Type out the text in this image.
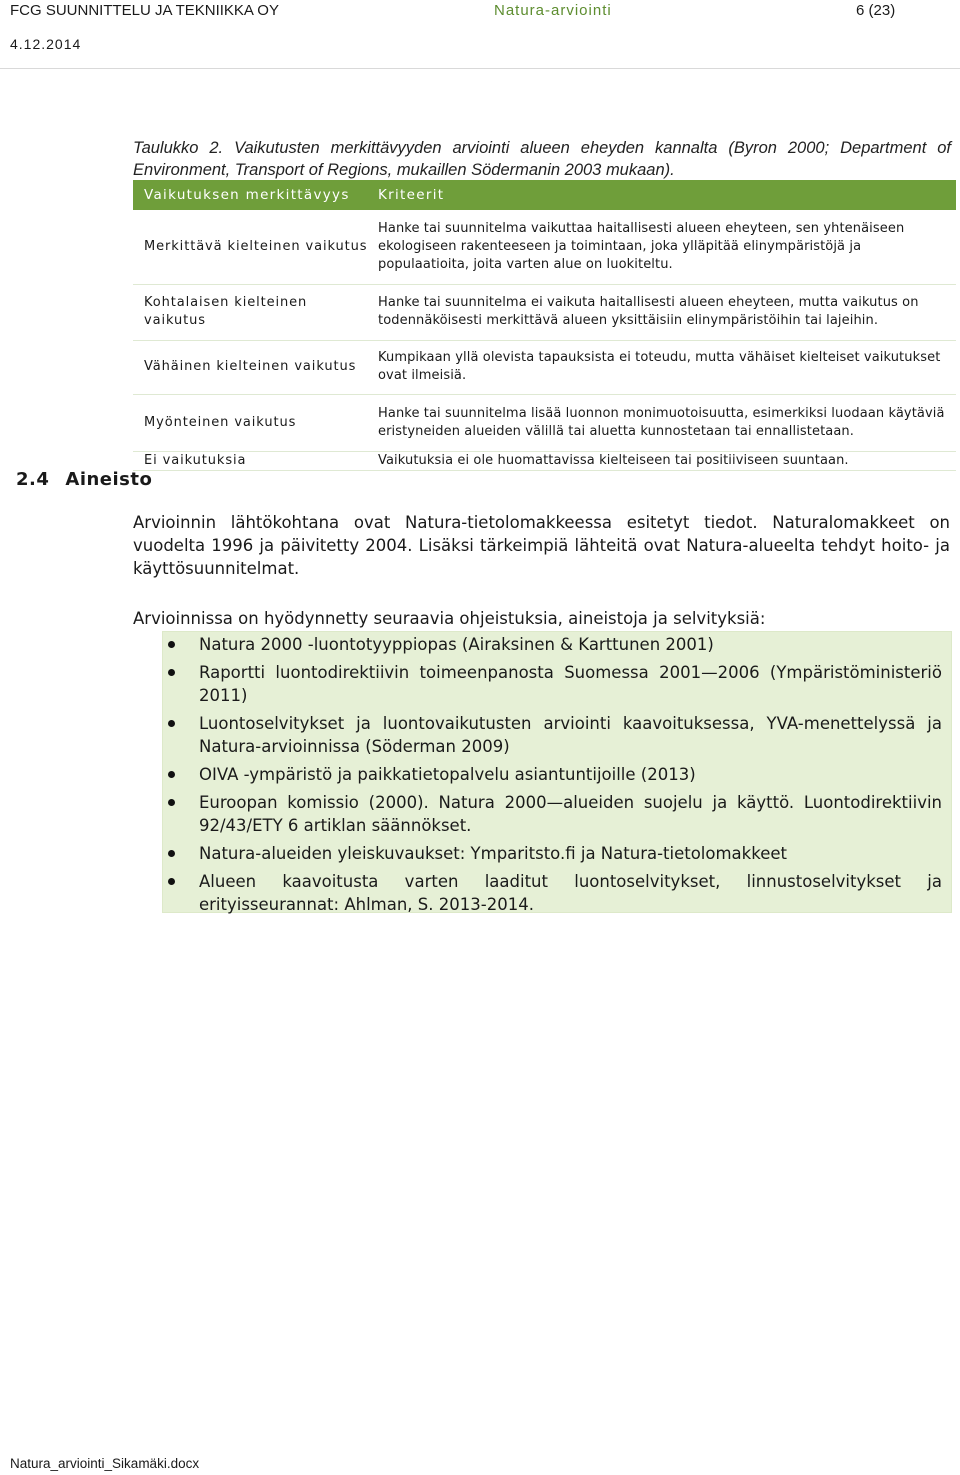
FCG SUUNNITTELU JA TEKNIIKKA OY	Natura-arviointi	6 (23)
4.12.2014
Taulukko 2. Vaikutusten merkittävyyden arviointi alueen eheyden kannalta (Byron 2000; Department of Environment, Transport of Regions, mukaillen Södermanin 2003 mukaan).
Vaikutuksen merkittävyys	Kriteerit
Merkittävä kielteinen vaikutus	Hanke tai suunnitelma vaikuttaa haitallisesti alueen eheyteen, sen yhtenäiseen ekologiseen rakenteeseen ja toimintaan, joka ylläpitää elinympäristöjä ja populaatioita, joita varten alue on luokiteltu.
Kohtalaisen kielteinen vaikutus	Hanke tai suunnitelma ei vaikuta haitallisesti alueen eheyteen, mutta vaikutus on todennäköisesti merkittävä alueen yksittäisiin elinympäristöihin tai lajeihin.
Vähäinen kielteinen vaikutus	Kumpikaan yllä olevista tapauksista ei toteudu, mutta vähäiset kielteiset vaikutukset ovat ilmeisiä.
Myönteinen vaikutus	Hanke tai suunnitelma lisää luonnon monimuotoisuutta, esimerkiksi luodaan käytäviä eristyneiden alueiden välillä tai aluetta kunnostetaan tai ennallistetaan.
Ei vaikutuksia	Vaikutuksia ei ole huomattavissa kielteiseen tai positiiviseen suuntaan.
2.4 Aineisto
Arvioinnin lähtökohtana ovat Natura-tietolomakkeessa esitetyt tiedot. Naturalomakkeet on vuodelta 1996 ja päivitetty 2004. Lisäksi tärkeimpiä lähteitä ovat Natura-alueelta tehdyt hoito- ja käyttösuunnitelmat.
Arvioinnissa on hyödynnetty seuraavia ohjeistuksia, aineistoja ja selvityksiä:
Natura 2000 -luontotyyppiopas (Airaksinen & Karttunen 2001)
Raportti luontodirektiivin toimeenpanosta Suomessa 2001—2006 (Ympäristöministeriö 2011)
Luontoselvitykset ja luontovaikutusten arviointi kaavoituksessa, YVA-menettelyssä ja Natura-arvioinnissa (Söderman 2009)
OIVA -ympäristö ja paikkatietopalvelu asiantuntijoille (2013)
Euroopan komissio (2000). Natura 2000—alueiden suojelu ja käyttö. Luontodirektiivin 92/43/ETY 6 artiklan säännökset.
Natura-alueiden yleiskuvaukset: Ymparitsto.fi ja Natura-tietolomakkeet
Alueen kaavoitusta varten laaditut luontoselvitykset, linnustoselvitykset ja erityisseurannat: Ahlman, S. 2013-2014.
Natura_arviointi_Sikamäki.docx
